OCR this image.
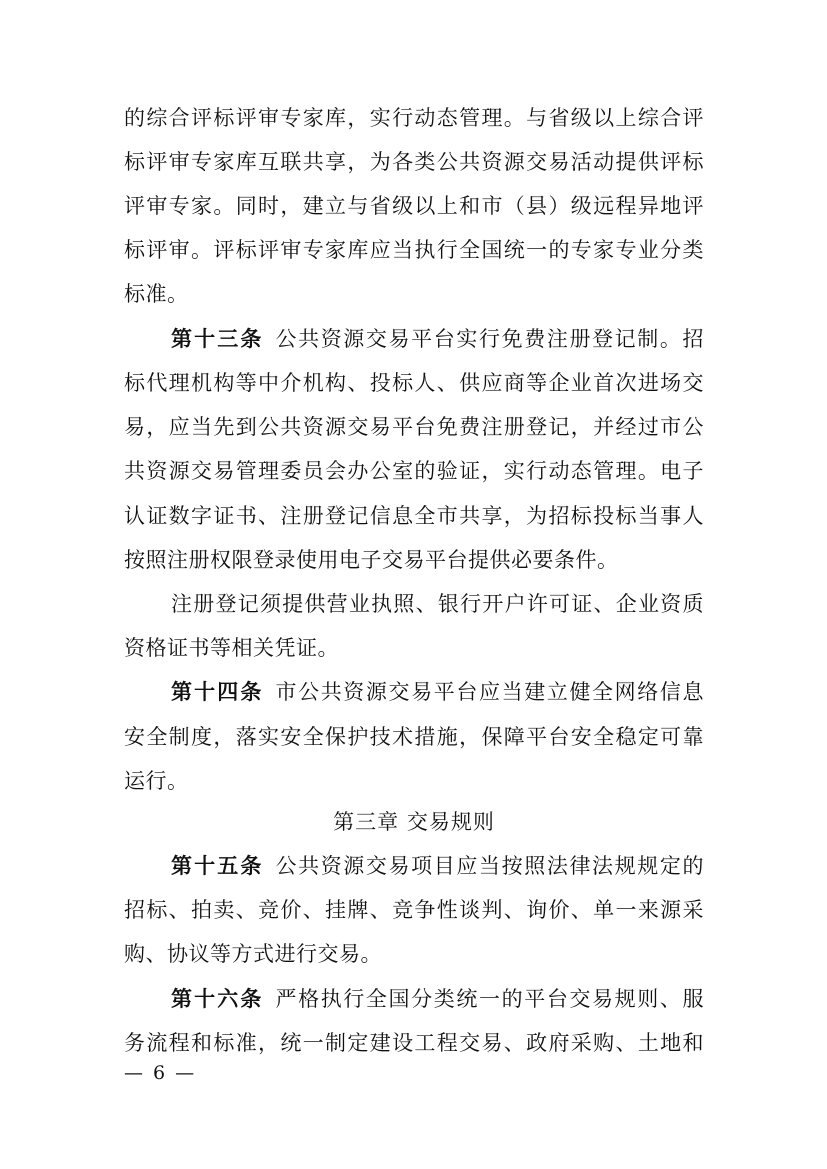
的综合评标评审专家库，实行动态管理。与省级以上综合评
标评审专家库互联共享，为各类公共资源交易活动提供评标
评审专家。同时，建立与省级以上和市（县）级远程异地评
标评审。评标评审专家库应当执行全国统一的专家专业分类
标准。
第十三条 公共资源交易平台实行免费注册登记制。招
标代理机构等中介机构、投标人、供应商等企业首次进场交
易，应当先到公共资源交易平台免费注册登记，并经过市公
共资源交易管理委员会办公室的验证，实行动态管理。电子
认证数字证书、注册登记信息全市共享，为招标投标当事人
按照注册权限登录使用电子交易平台提供必要条件。
注册登记须提供营业执照、银行开户许可证、企业资质
资格证书等相关凭证。
第十四条 市公共资源交易平台应当建立健全网络信息
安全制度，落实安全保护技术措施，保障平台安全稳定可靠
运行。
第三章 交易规则
第十五条 公共资源交易项目应当按照法律法规规定的
招标、拍卖、竞价、挂牌、竞争性谈判、询价、单一来源采
购、协议等方式进行交易。
第十六条 严格执行全国分类统一的平台交易规则、服
务流程和标准，统一制定建设工程交易、政府采购、土地和
— 6 —
